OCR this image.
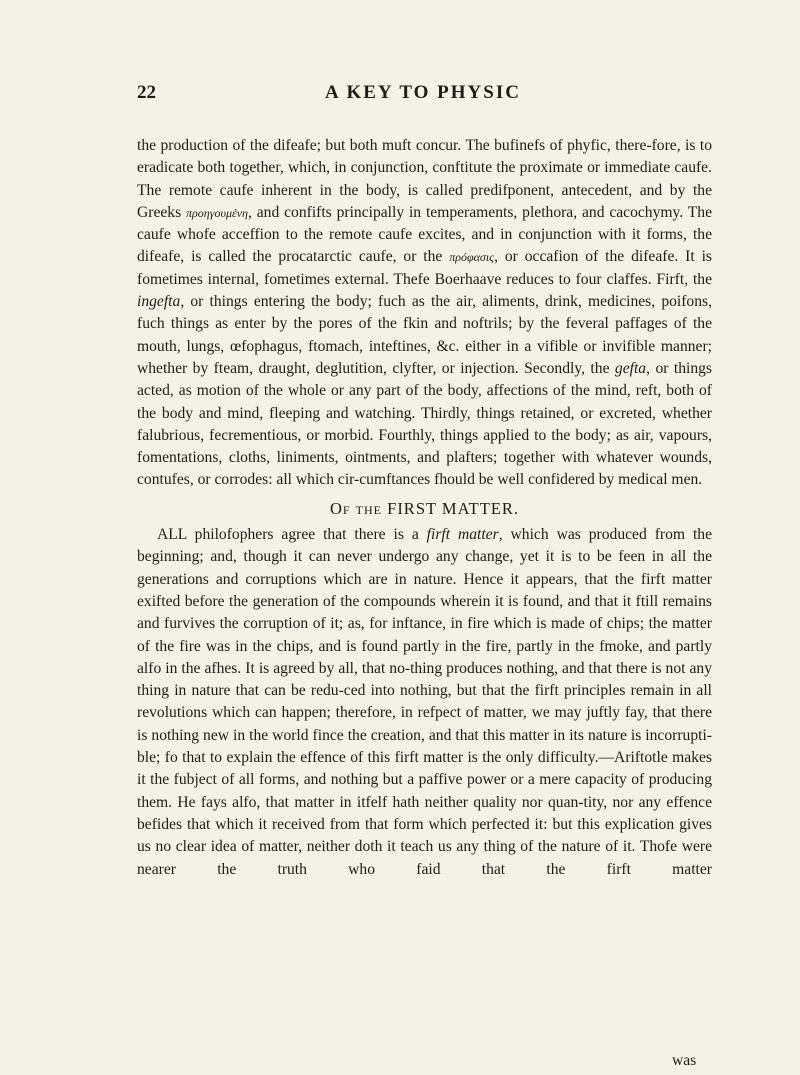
22	A KEY TO PHYSIC

the production of the difeafe; but both muft concur. The bufinefs of phyfic, there-fore, is to eradicate both together, which, in conjunction, conftitute the proximate or immediate caufe. The remote caufe inherent in the body, is called predifponent, antecedent, and by the Greeks προηγουμένη, and confifts principally in temperaments, plethora, and cacochymy. The caufe whofe acceffion to the remote caufe excites, and in conjunction with it forms, the difeafe, is called the procatarctic caufe, or the πρόφασις, or occafion of the difeafe. It is fometimes internal, fometimes external. Thefe Boerhaave reduces to four claffes. Firft, the ingefta, or things entering the body; fuch as the air, aliments, drink, medicines, poifons, fuch things as enter by the pores of the fkin and noftrils; by the feveral paffages of the mouth, lungs, œfophagus, ftomach, inteftines, &c. either in a vifible or invifible manner; whether by fteam, draught, deglutition, clyfter, or injection. Secondly, the gefta, or things acted, as motion of the whole or any part of the body, affections of the mind, reft, both of the body and mind, fleeping and watching. Thirdly, things retained, or excreted, whether falubrious, fecrementious, or morbid. Fourthly, things applied to the body; as air, vapours, fomentations, cloths, liniments, ointments, and plafters; together with whatever wounds, contufes, or corrodes: all which cir-cumftances fhould be well confidered by medical men.

Of the FIRST MATTER.

ALL philofophers agree that there is a firft matter, which was produced from the beginning; and, though it can never undergo any change, yet it is to be feen in all the generations and corruptions which are in nature. Hence it appears, that the firft matter exifted before the generation of the compounds wherein it is found, and that it ftill remains and furvives the corruption of it; as, for inftance, in fire which is made of chips; the matter of the fire was in the chips, and is found partly in the fire, partly in the fmoke, and partly alfo in the afhes. It is agreed by all, that no-thing produces nothing, and that there is not any thing in nature that can be redu-ced into nothing, but that the firft principles remain in all revolutions which can happen; therefore, in refpect of matter, we may juftly fay, that there is nothing new in the world fince the creation, and that this matter in its nature is incorrupti-ble; fo that to explain the effence of this firft matter is the only difficulty.—Ariftotle makes it the fubject of all forms, and nothing but a paffive power or a mere capacity of producing them. He fays alfo, that matter in itfelf hath neither quality nor quan-tity, nor any effence befides that which it received from that form which perfected it: but this explication gives us no clear idea of matter, neither doth it teach us any thing of the nature of it. Thofe were nearer the truth who faid that the firft matter

was
